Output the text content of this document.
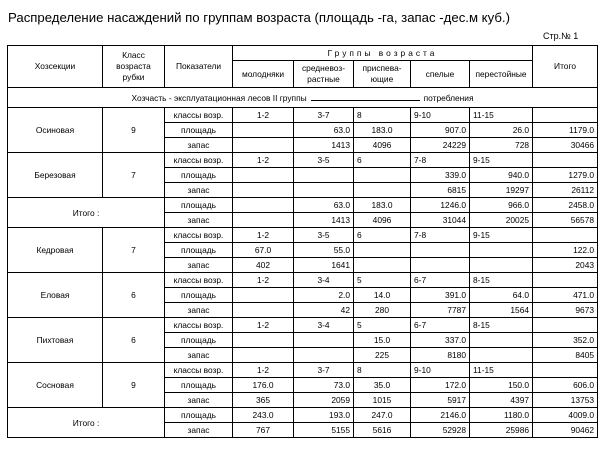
Распределение насаждений по группам возраста (площадь -га, запас -дес.м куб.)
Стр.№ 1
Хозсекции	Класс возраста рубки	Показатели	Группы возраста					Итого
			молодняки	средневоз-растные	приспева-ющие	спелые	перестойные	
Хозчасть - эксплуатационная лесов II группы потребления								
Осиновая	9	классы возр.	1-2	3-7	8	9-10	11-15	
		площадь		63.0	183.0	907.0	26.0	1179.0
		запас		1413	4096	24229	728	30466
Березовая	7	классы возр.	1-2	3-5	6	7-8	9-15	
		площадь				339.0	940.0	1279.0
		запас				6815	19297	26112
Итого :		площадь		63.0	183.0	1246.0	966.0	2458.0
		запас		1413	4096	31044	20025	56578
Кедровая	7	классы возр.	1-2	3-5	6	7-8	9-15	
		площадь	67.0	55.0				122.0
		запас	402	1641				2043
Еловая	6	классы возр.	1-2	3-4	5	6-7	8-15	
		площадь		2.0	14.0	391.0	64.0	471.0
		запас		42	280	7787	1564	9673
Пихтовая	6	классы возр.	1-2	3-4	5	6-7	8-15	
		площадь			15.0	337.0		352.0
		запас			225	8180		8405
Сосновая	9	классы возр.	1-2	3-7	8	9-10	11-15	
		площадь	176.0	73.0	35.0	172.0	150.0	606.0
		запас	365	2059	1015	5917	4397	13753
Итого :		площадь	243.0	193.0	247.0	2146.0	1180.0	4009.0
		запас	767	5155	5616	52928	25986	90462
